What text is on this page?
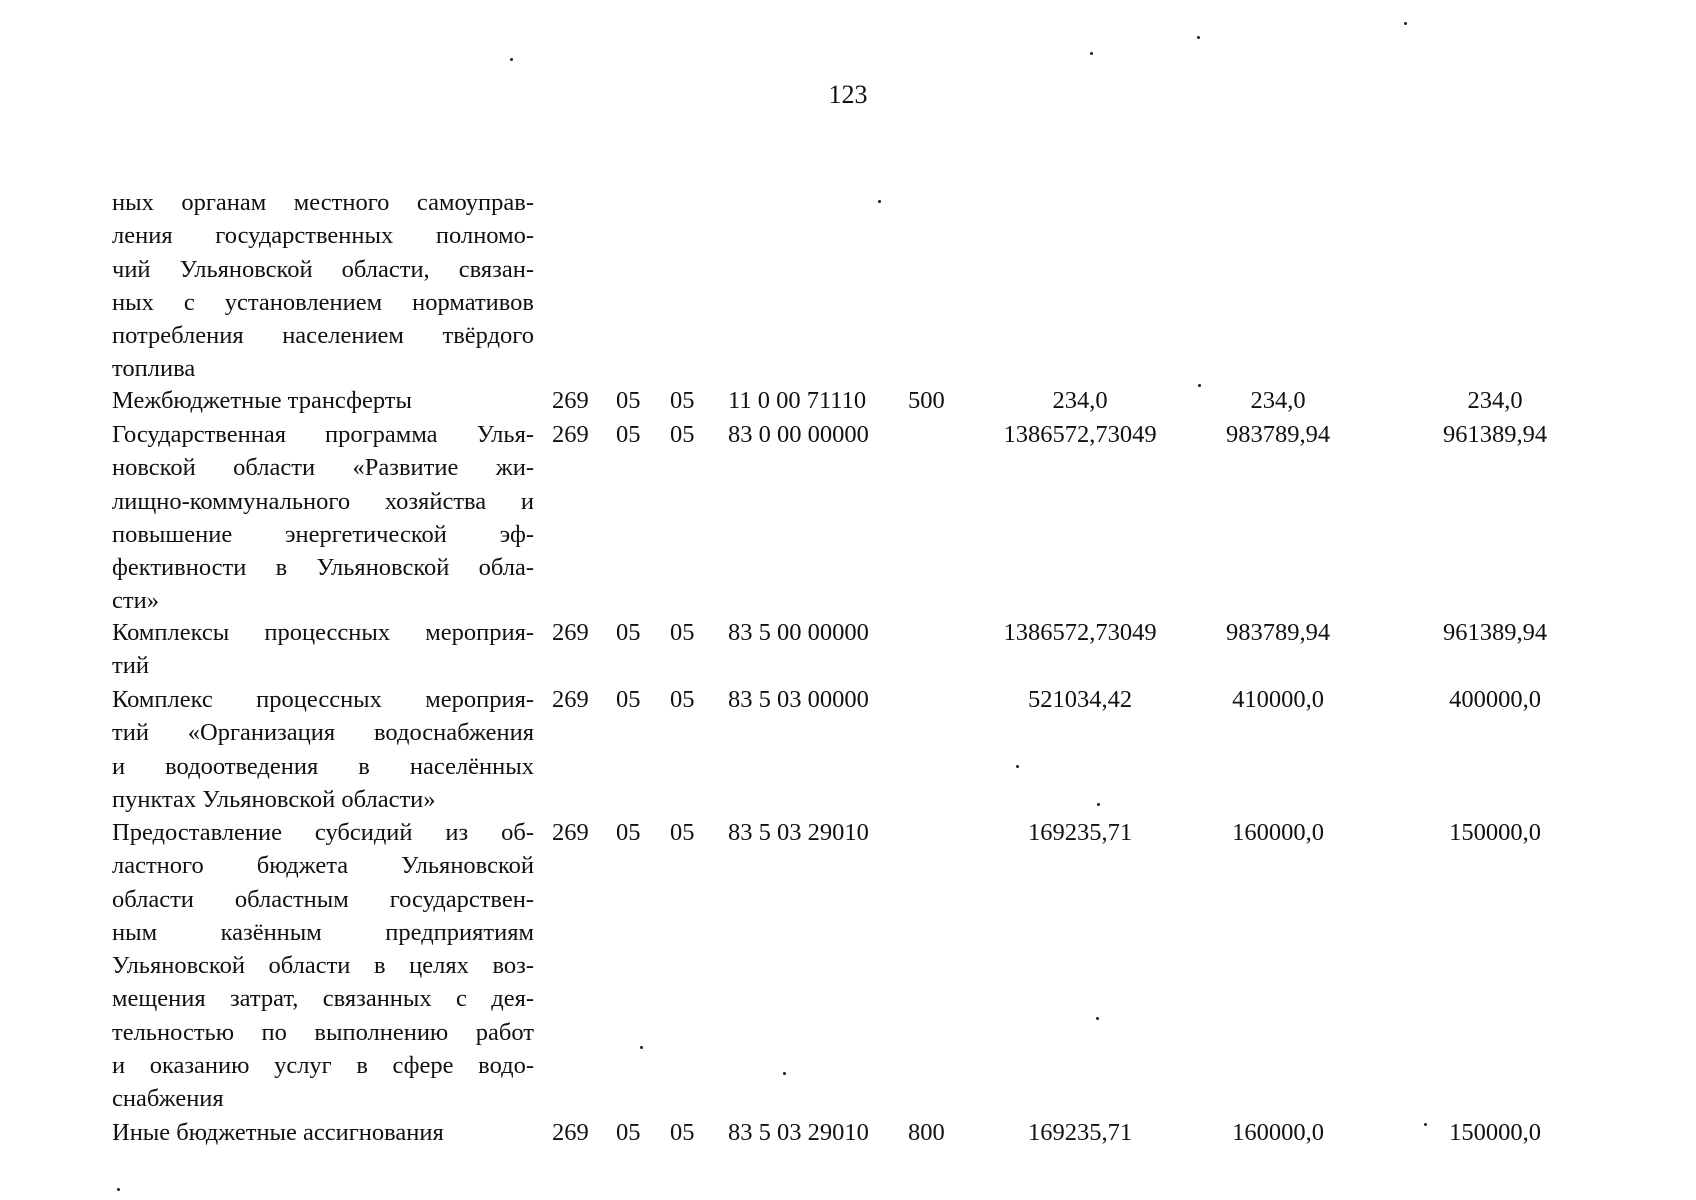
123
ных органам местного самоуправ-
ления государственных полномо-
чий Ульяновской области, связан-
ных с установлением нормативов
потребления населением твёрдого
топлива
Межбюджетные трансферты	269 05 05 11 0 00 71110 500	234,0	234,0	234,0
Государственная программа Улья-
новской области «Развитие жи-
лищно-коммунального хозяйства и
повышение энергетической эф-
фективности в Ульяновской обла-
сти»
269 05 05 83 0 00 00000	1386572,73049	983789,94	961389,94
Комплексы процессных мероприя-
тий
269 05 05 83 5 00 00000	1386572,73049	983789,94	961389,94
Комплекс процессных мероприя-
тий «Организация водоснабжения
и водоотведения в населённых
пунктах Ульяновской области»
269 05 05 83 5 03 00000	521034,42	410000,0	400000,0
Предоставление субсидий из об-
ластного бюджета Ульяновской
области областным государствен-
ным казённым предприятиям
Ульяновской области в целях воз-
мещения затрат, связанных с дея-
тельностью по выполнению работ
и оказанию услуг в сфере водо-
снабжения
269 05 05 83 5 03 29010	169235,71	160000,0	150000,0
Иные бюджетные ассигнования	269 05 05 83 5 03 29010 800	169235,71	160000,0	150000,0
